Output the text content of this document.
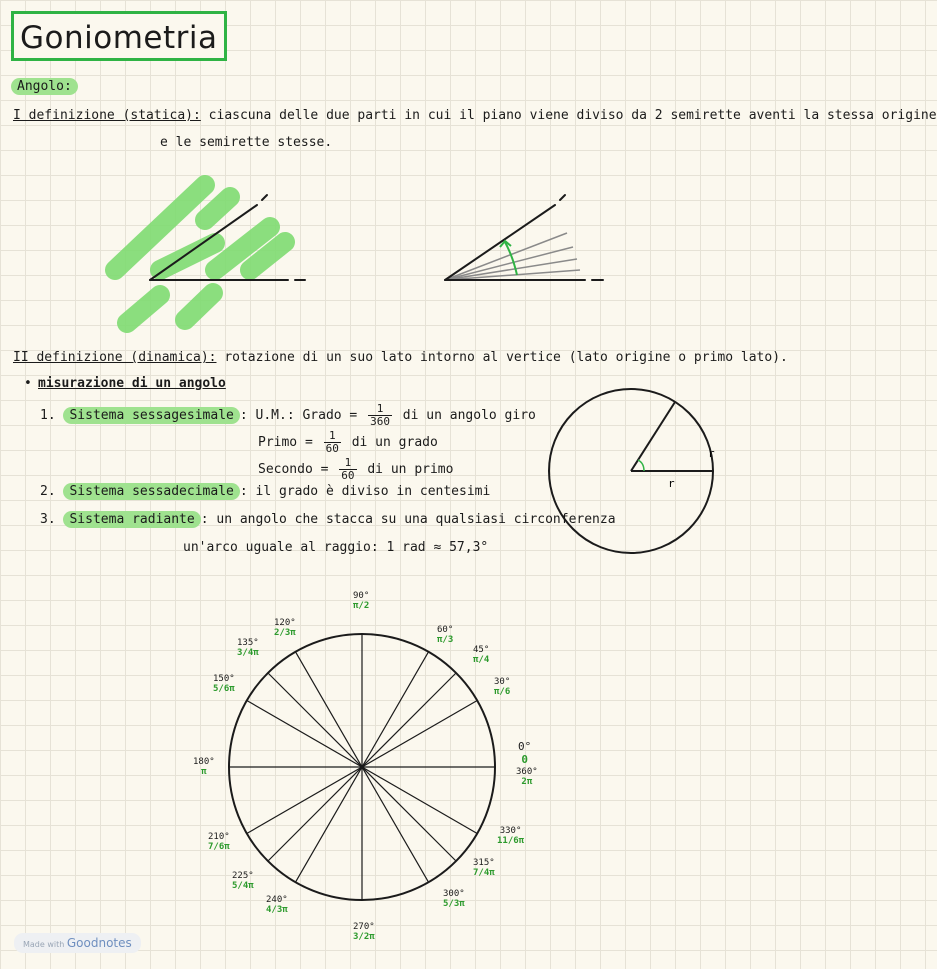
Goniometria
Angolo:
I definizione (statica): ciascuna delle due parti in cui il piano viene diviso da 2 semirette aventi la stessa origine
e le semirette stesse.
II definizione (dinamica): rotazione di un suo lato intorno al vertice (lato origine o primo lato).
• misurazione di un angolo
1. Sistema sessagesimale : U.M.: Grado = $\frac{1}{360}$ di un angolo giro
Primo = $\frac{1}{60}$ di un grado
Secondo = $\frac{1}{60}$ di un primo
2. Sistema sessadecimale : il grado è diviso in centesimi
3. Sistema radiante : un angolo che stacca su una qualsiasi circonferenza
un'arco uguale al raggio: 1 rad ≈ 57,3°
r
r
90°
π/2
60°
π/3
45°
π/4
30°
π/6
0°
0
360°
2π
120°
2/3π
135°
3/4π
150°
5/6π
180°
π
210°
7/6π
225°
5/4π
240°
4/3π
270°
3/2π
300°
5/3π
315°
7/4π
330°
11/6π
Made with Goodnotes
